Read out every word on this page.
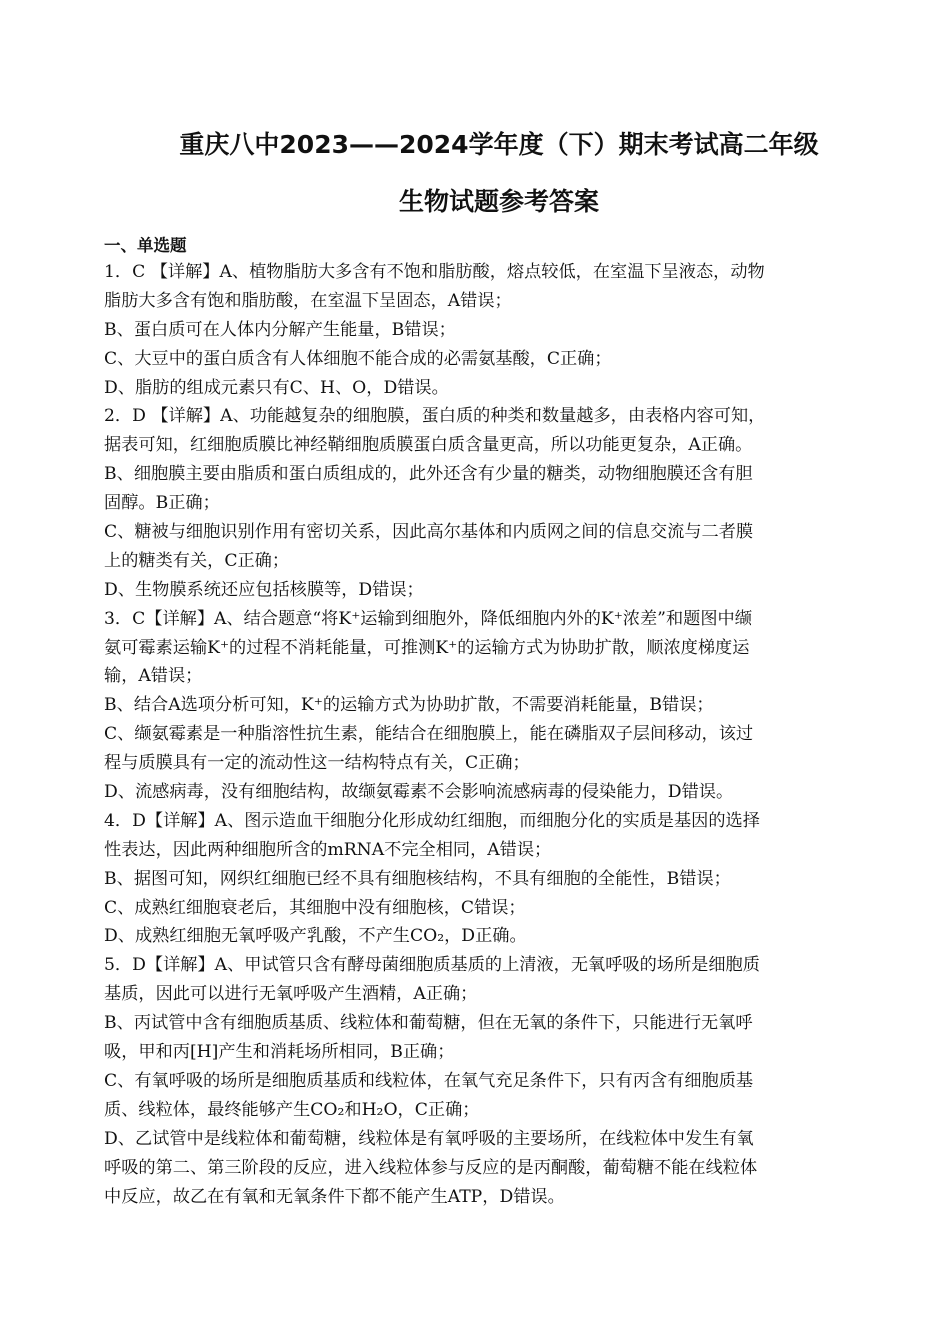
重庆八中2023——2024学年度（下）期末考试高二年级
生物试题参考答案
一、单选题
1．C 【详解】A、植物脂肪大多含有不饱和脂肪酸，熔点较低，在室温下呈液态，动物
脂肪大多含有饱和脂肪酸，在室温下呈固态，A错误；
B、蛋白质可在人体内分解产生能量，B错误；
C、大豆中的蛋白质含有人体细胞不能合成的必需氨基酸，C正确；
D、脂肪的组成元素只有C、H、O，D错误。
2．D 【详解】A、功能越复杂的细胞膜，蛋白质的种类和数量越多，由表格内容可知，
据表可知，红细胞质膜比神经鞘细胞质膜蛋白质含量更高，所以功能更复杂，A正确。
B、细胞膜主要由脂质和蛋白质组成的，此外还含有少量的糖类，动物细胞膜还含有胆
固醇。B正确；
C、糖被与细胞识别作用有密切关系，因此高尔基体和内质网之间的信息交流与二者膜
上的糖类有关，C正确；
D、生物膜系统还应包括核膜等，D错误；
3．C【详解】A、结合题意“将K⁺运输到细胞外，降低细胞内外的K⁺浓差”和题图中缬
氨可霉素运输K⁺的过程不消耗能量，可推测K⁺的运输方式为协助扩散，顺浓度梯度运
输，A错误；
B、结合A选项分析可知，K⁺的运输方式为协助扩散，不需要消耗能量，B错误；
C、缬氨霉素是一种脂溶性抗生素，能结合在细胞膜上，能在磷脂双子层间移动，该过
程与质膜具有一定的流动性这一结构特点有关，C正确；
D、流感病毒，没有细胞结构，故缬氨霉素不会影响流感病毒的侵染能力，D错误。
4．D【详解】A、图示造血干细胞分化形成幼红细胞，而细胞分化的实质是基因的选择
性表达，因此两种细胞所含的mRNA不完全相同，A错误；
B、据图可知，网织红细胞已经不具有细胞核结构，不具有细胞的全能性，B错误；
C、成熟红细胞衰老后，其细胞中没有细胞核，C错误；
D、成熟红细胞无氧呼吸产乳酸，不产生CO₂，D正确。
5．D【详解】A、甲试管只含有酵母菌细胞质基质的上清液，无氧呼吸的场所是细胞质
基质，因此可以进行无氧呼吸产生酒精，A正确；
B、丙试管中含有细胞质基质、线粒体和葡萄糖，但在无氧的条件下，只能进行无氧呼
吸，甲和丙[H]产生和消耗场所相同，B正确；
C、有氧呼吸的场所是细胞质基质和线粒体，在氧气充足条件下，只有丙含有细胞质基
质、线粒体，最终能够产生CO₂和H₂O，C正确；
D、乙试管中是线粒体和葡萄糖，线粒体是有氧呼吸的主要场所，在线粒体中发生有氧
呼吸的第二、第三阶段的反应，进入线粒体参与反应的是丙酮酸，葡萄糖不能在线粒体
中反应，故乙在有氧和无氧条件下都不能产生ATP，D错误。
